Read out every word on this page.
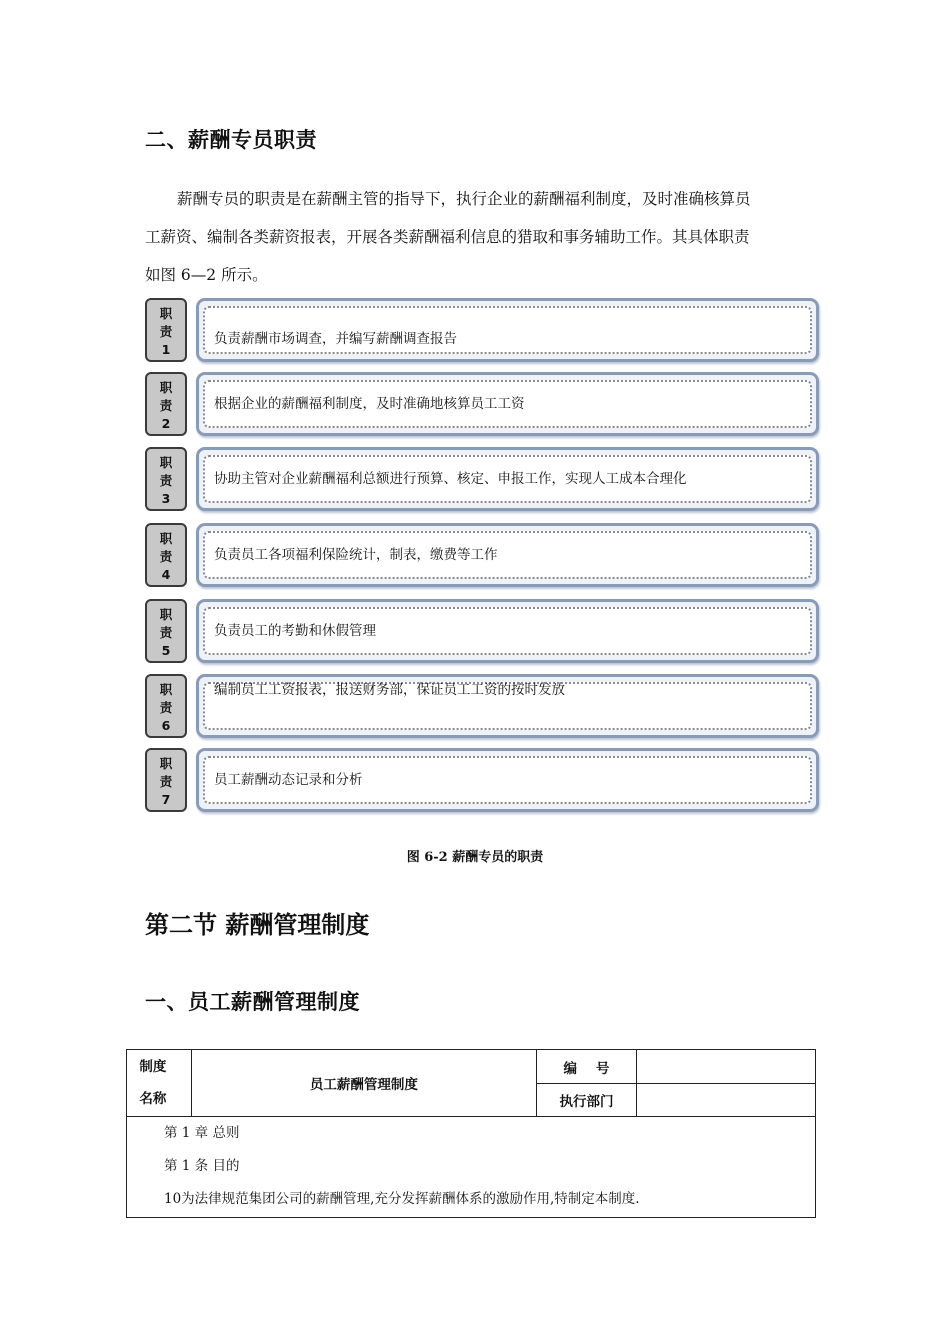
二、薪酬专员职责
薪酬专员的职责是在薪酬主管的指导下，执行企业的薪酬福利制度，及时准确核算员
工薪资、编制各类薪资报表，开展各类薪酬福利信息的猎取和事务辅助工作。其具体职责
如图 6—2 所示。
职
责
1
负责薪酬市场调查，并编写薪酬调查报告
职
责
2
根据企业的薪酬福利制度，及时准确地核算员工工资
职
责
3
协助主管对企业薪酬福利总额进行预算、核定、申报工作，实现人工成本合理化
职
责
4
负责员工各项福利保险统计，制表，缴费等工作
职
责
5
负责员工的考勤和休假管理
职
责
6
编制员工工资报表，报送财务部，保证员工工资的按时发放
职
责
7
员工薪酬动态记录和分析
图 6-2 薪酬专员的职责
第二节 薪酬管理制度
一、员工薪酬管理制度
制度
名称	员工薪酬管理制度	编    号	
		执行部门	

第 1 章 总则
第 1 条 目的
10为法律规范集团公司的薪酬管理,充分发挥薪酬体系的激励作用,特制定本制度.			
